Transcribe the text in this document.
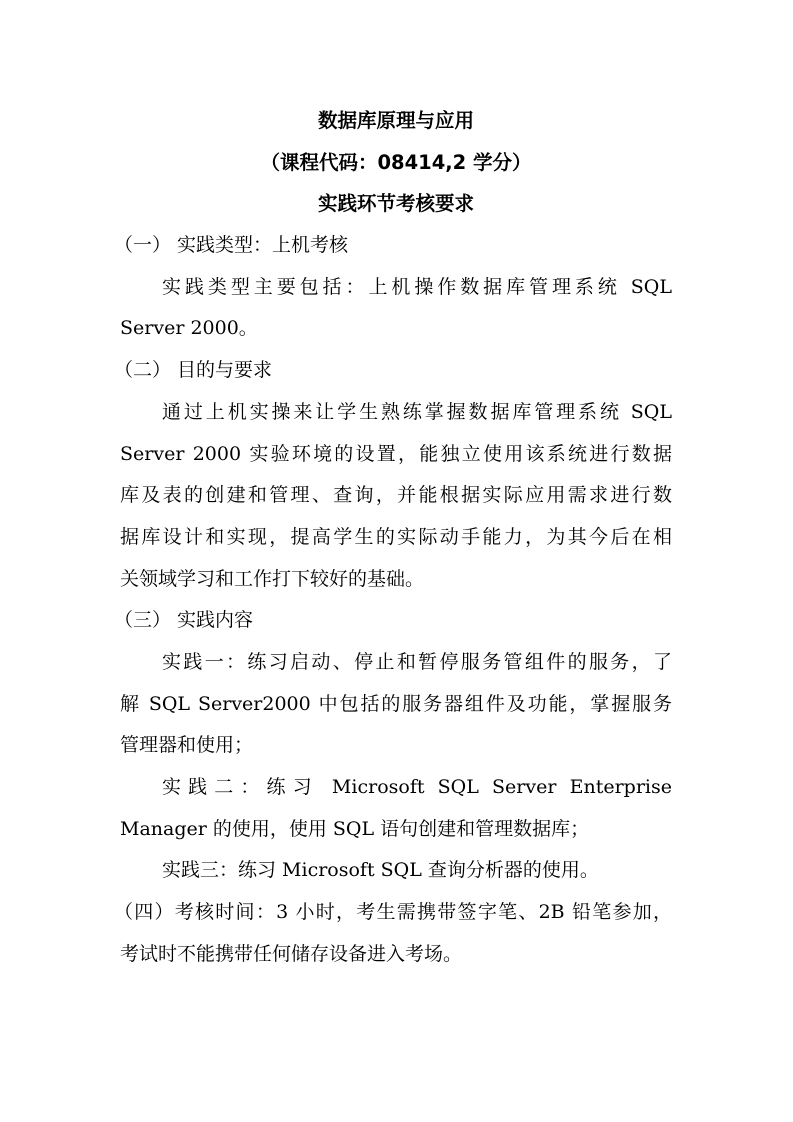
数据库原理与应用
（课程代码：08414,2 学分）
实践环节考核要求
（一） 实践类型：上机考核
实践类型主要包括：上机操作数据库管理系统 SQL
Server 2000。
（二） 目的与要求
通过上机实操来让学生熟练掌握数据库管理系统 SQL
Server 2000 实验环境的设置，能独立使用该系统进行数据
库及表的创建和管理、查询，并能根据实际应用需求进行数
据库设计和实现，提高学生的实际动手能力，为其今后在相
关领域学习和工作打下较好的基础。
（三） 实践内容
实践一：练习启动、停止和暂停服务管组件的服务，了
解 SQL Server2000 中包括的服务器组件及功能，掌握服务
管理器和使用；
实践二：练习 Microsoft SQL Server Enterprise
Manager 的使用，使用 SQL 语句创建和管理数据库；
实践三：练习 Microsoft SQL 查询分析器的使用。
（四）考核时间：3 小时，考生需携带签字笔、2B 铅笔参加，
考试时不能携带任何储存设备进入考场。
